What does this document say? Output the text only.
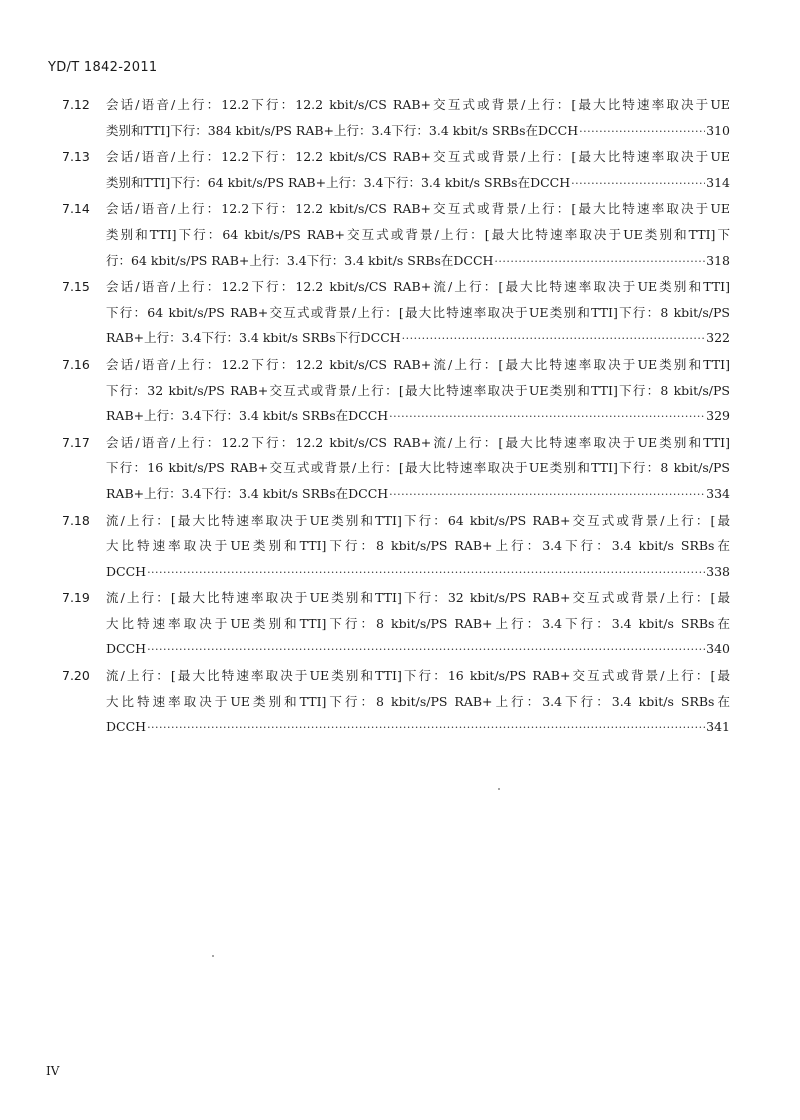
YD/T 1842-2011
7.12 会话/语音/上行：12.2下行：12.2 kbit/s/CS RAB+交互式或背景/上行：[最大比特速率取决于UE
类别和TTI]下行：384 kbit/s/PS RAB+上行：3.4下行：3.4 kbit/s SRBs在DCCH ·····	310
7.13 会话/语音/上行：12.2下行：12.2 kbit/s/CS RAB+交互式或背景/上行：[最大比特速率取决于UE
类别和TTI]下行：64 kbit/s/PS RAB+上行：3.4下行：3.4 kbit/s SRBs在DCCH ·····	314
7.14 会话/语音/上行：12.2下行：12.2 kbit/s/CS RAB+交互式或背景/上行：[最大比特速率取决于UE
类别和TTI]下行：64 kbit/s/PS RAB+交互式或背景/上行：[最大比特速率取决于UE类别和TTI]下
行：64 kbit/s/PS RAB+上行：3.4下行：3.4 kbit/s SRBs在DCCH ·····	318
7.15 会话/语音/上行：12.2下行：12.2 kbit/s/CS RAB+流/上行：[最大比特速率取决于UE类别和TTI]
下行：64 kbit/s/PS RAB+交互式或背景/上行：[最大比特速率取决于UE类别和TTI]下行：8 kbit/s/PS
RAB+上行：3.4下行：3.4 kbit/s SRBs下行DCCH ·····	322
7.16 会话/语音/上行：12.2下行：12.2 kbit/s/CS RAB+流/上行：[最大比特速率取决于UE类别和TTI]
下行：32 kbit/s/PS RAB+交互式或背景/上行：[最大比特速率取决于UE类别和TTI]下行：8 kbit/s/PS
RAB+上行：3.4下行：3.4 kbit/s SRBs在DCCH ·····	329
7.17 会话/语音/上行：12.2下行：12.2 kbit/s/CS RAB+流/上行：[最大比特速率取决于UE类别和TTI]
下行：16 kbit/s/PS RAB+交互式或背景/上行：[最大比特速率取决于UE类别和TTI]下行：8 kbit/s/PS
RAB+上行：3.4下行：3.4 kbit/s SRBs在DCCH ·····	334
7.18 流/上行：[最大比特速率取决于UE类别和TTI]下行：64 kbit/s/PS RAB+交互式或背景/上行：[最
大比特速率取决于UE类别和TTI]下行：8 kbit/s/PS RAB+上行：3.4下行：3.4 kbit/s SRBs在
DCCH ·····	338
7.19 流/上行：[最大比特速率取决于UE类别和TTI]下行：32 kbit/s/PS RAB+交互式或背景/上行：[最
大比特速率取决于UE类别和TTI]下行：8 kbit/s/PS RAB+上行：3.4下行：3.4 kbit/s SRBs在
DCCH ·····	340
7.20 流/上行：[最大比特速率取决于UE类别和TTI]下行：16 kbit/s/PS RAB+交互式或背景/上行：[最
大比特速率取决于UE类别和TTI]下行：8 kbit/s/PS RAB+上行：3.4下行：3.4 kbit/s SRBs在
DCCH ·····	341
IV
